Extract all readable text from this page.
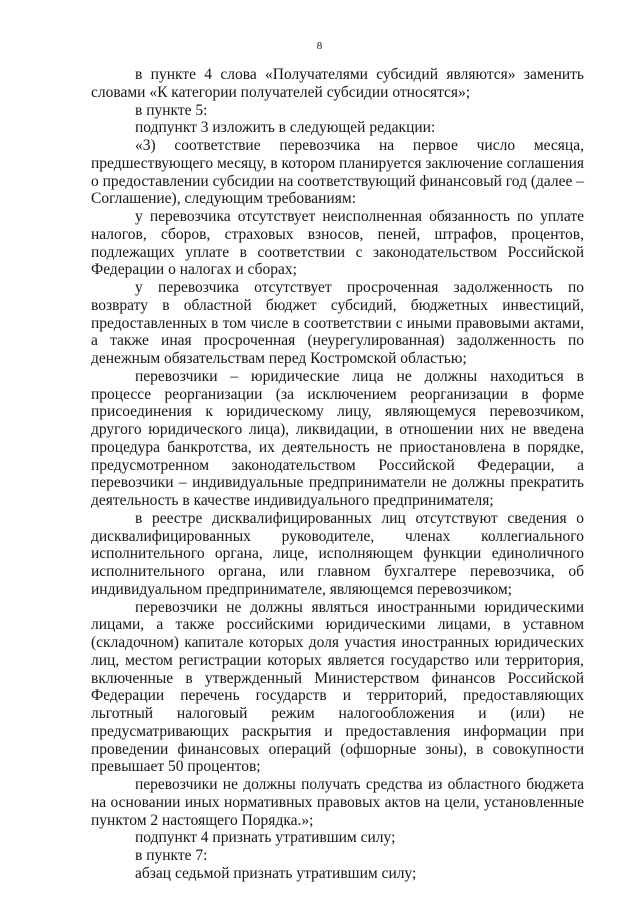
8

в пункте 4 слова «Получателями субсидий являются» заменить словами «К категории получателей субсидии относятся»;

в пункте 5:

подпункт 3 изложить в следующей редакции:

«3) соответствие перевозчика на первое число месяца, предшествующего месяцу, в котором планируется заключение соглашения о предоставлении субсидии на соответствующий финансовый год (далее – Соглашение), следующим требованиям:

у перевозчика отсутствует неисполненная обязанность по уплате налогов, сборов, страховых взносов, пеней, штрафов, процентов, подлежащих уплате в соответствии с законодательством Российской Федерации о налогах и сборах;

у перевозчика отсутствует просроченная задолженность по возврату в областной бюджет субсидий, бюджетных инвестиций, предоставленных в том числе в соответствии с иными правовыми актами, а также иная просроченная (неурегулированная) задолженность по денежным обязательствам перед Костромской областью;

перевозчики – юридические лица не должны находиться в процессе реорганизации (за исключением реорганизации в форме присоединения к юридическому лицу, являющемуся перевозчиком, другого юридического лица), ликвидации, в отношении них не введена процедура банкротства, их деятельность не приостановлена в порядке, предусмотренном законодательством Российской Федерации, а перевозчики – индивидуальные предприниматели не должны прекратить деятельность в качестве индивидуального предпринимателя;

в реестре дисквалифицированных лиц отсутствуют сведения о дисквалифицированных руководителе, членах коллегиального исполнительного органа, лице, исполняющем функции единоличного исполнительного органа, или главном бухгалтере перевозчика, об индивидуальном предпринимателе, являющемся перевозчиком;

перевозчики не должны являться иностранными юридическими лицами, а также российскими юридическими лицами, в уставном (складочном) капитале которых доля участия иностранных юридических лиц, местом регистрации которых является государство или территория, включенные в утвержденный Министерством финансов Российской Федерации перечень государств и территорий, предоставляющих льготный налоговый режим налогообложения и (или) не предусматривающих раскрытия и предоставления информации при проведении финансовых операций (офшорные зоны), в совокупности превышает 50 процентов;

перевозчики не должны получать средства из областного бюджета на основании иных нормативных правовых актов на цели, установленные пунктом 2 настоящего Порядка.»;

подпункт 4 признать утратившим силу;

в пункте 7:

абзац седьмой признать утратившим силу;
